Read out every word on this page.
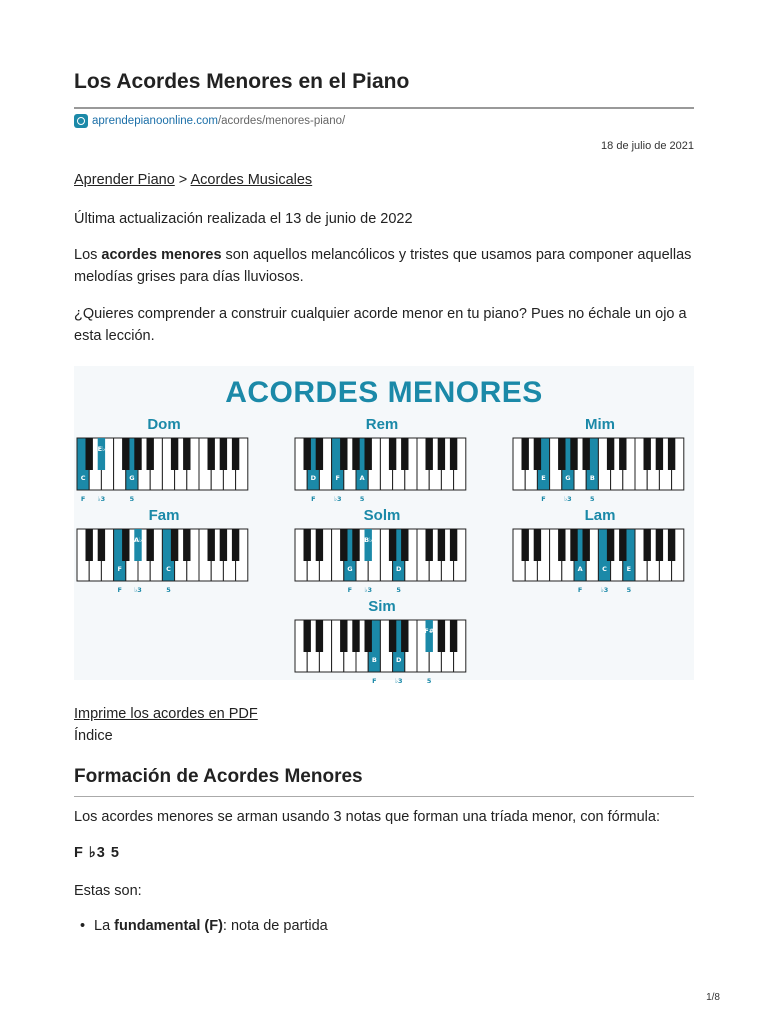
Los Acordes Menores en el Piano
aprendepianoonline.com /acordes/menores-piano/
18 de julio de 2021
Aprender Piano > Acordes Musicales

Última actualización realizada el 13 de junio de 2022

Los acordes menores son aquellos melancólicos y tristes que usamos para componer aquellas melodías grises para días lluviosos.

¿Quieres comprender a construir cualquier acorde menor en tu piano? Pues no échale un ojo a esta lección.

ACORDES MENORES
Dom
C
F
E♭
♭3
G
5
Rem
D
F
F
♭3
A
5
Mim
E
F
G
♭3
B
5
Fam
F
F
A♭
♭3
C
5
Solm
G
F
B♭
♭3
D
5
Lam
A
F
C
♭3
E
5
Sim
B
F
D
♭3
F#
5
Imprime los acordes en PDF
Índice
Formación de Acordes Menores

Los acordes menores se arman usando 3 notas que forman una tríada menor, con fórmula:

F ♭3 5

Estas son:

• La fundamental (F): nota de partida
1/8
